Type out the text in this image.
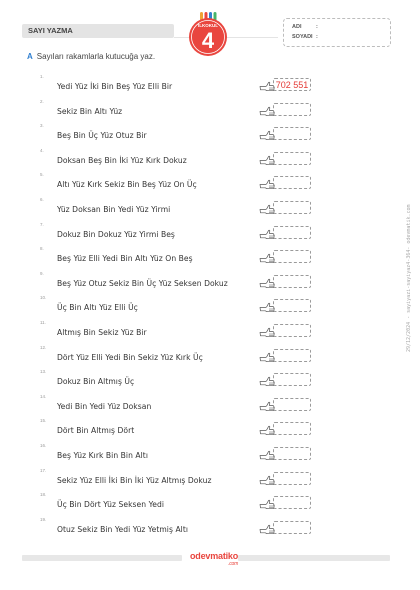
SAYI YAZMA
İLKOKUL
4
ADI	:
SOYADI :
A Sayıları rakamlarla kutucuğa yaz.
1.
Yedi Yüz İki Bin Beş Yüz Elli Bir	702 551
2.
Sekiz Bin Altı Yüz
3.
Beş Bin Üç Yüz Otuz Bir
4.
Doksan Beş Bin İki Yüz Kırk Dokuz
5.
Altı Yüz Kırk Sekiz Bin Beş Yüz On Üç
6.
Yüz Doksan Bin Yedi Yüz Yirmi
7.
Dokuz Bin Dokuz Yüz Yirmi Beş
8.
Beş Yüz Elli Yedi Bin Altı Yüz On Beş
9.
Beş Yüz Otuz Sekiz Bin Üç Yüz Seksen Dokuz
10.
Üç Bin Altı Yüz Elli Üç
11.
Altmış Bin Sekiz Yüz Bir
12.
Dört Yüz Elli Yedi Bin Sekiz Yüz Kırk Üç
13.
Dokuz Bin Altmış Üç
14.
Yedi Bin Yedi Yüz Doksan
15.
Dört Bin Altmış Dört
16.
Beş Yüz Kırk Bin Bin Altı
17.
Sekiz Yüz Elli İki Bin İki Yüz Altmış Dokuz
18.
Üç Bin Dört Yüz Seksen Yedi
19.
Otuz Sekiz Bin Yedi Yüz Yetmiş Altı
odevmatiko
.com
29/12/2024 - sayiyazi-sayiyaz4-364- odevmatik.com
